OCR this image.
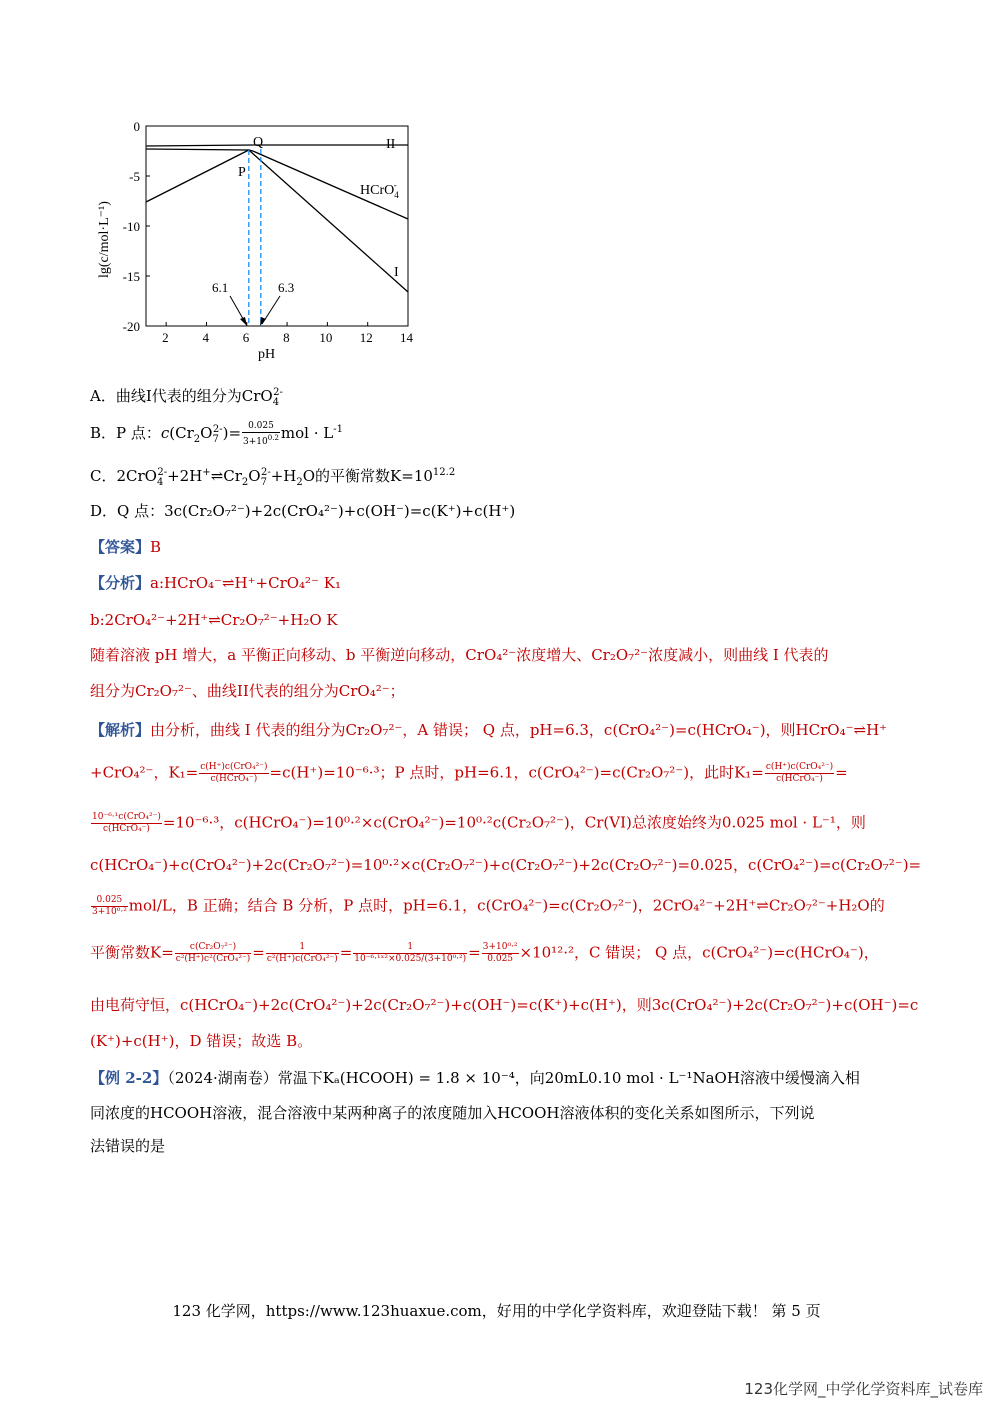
2	4	6	8 10 12 14
0
-5
-10
-15
-20
6.1	6.3
Q
P
II
I
HCrO$_4$-
pH
lg(c/mol·L⁻¹)
A．曲线I代表的组分为CrO$_4^{2-}$
B．P 点：$c(Cr_2O_7^{2-})= \frac{0.025}{3+10^{0.2}}$ mol · $L^{-1}$
C．$2CrO_4^{2-}+2H^+\rightleftharpoons Cr_2O_7^{2-}+H_2O$的平衡常数$K=10^{12.2}$
D．Q 点：3c(Cr₂O₇²⁻)+2c(CrO₄²⁻)+c(OH⁻)=c(K⁺)+c(H⁺)
【答案】B
【分析】a:HCrO₄⁻⇌H⁺+CrO₄²⁻ K₁
b:2CrO₄²⁻+2H⁺⇌Cr₂O₇²⁻+H₂O K
随着溶液 pH 增大，a 平衡正向移动、b 平衡逆向移动，CrO₄²⁻浓度增大、Cr₂O₇²⁻浓度减小，则曲线 I 代表的
组分为Cr₂O₇²⁻、曲线II代表的组分为CrO₄²⁻；
【解析】由分析，曲线 I 代表的组分为Cr₂O₇²⁻，A 错误； Q 点，pH=6.3，c(CrO₄²⁻)=c(HCrO₄⁻)，则HCrO₄⁻⇌H⁺
+CrO₄²⁻，$K_1= \frac{\text{c(H⁺)c(CrO₄²⁻)}}{\text{c(HCrO₄⁻)}} =c(H^+)=10^{-6}\cdot^3$；P 点时，pH=6.1，c(CrO₄²⁻)=c(Cr₂O₇²⁻)，此时$K_1= \frac{\text{c(H⁺)c(CrO₄²⁻)}}{\text{c(HCrO₄⁻)}}$ =
$\frac{\text{10⁻⁶·¹c(CrO₄²⁻)}}{\text{c(HCrO₄⁻)}} =10^{-6}\cdot^3$，c(HCrO₄⁻)=10⁰·²×c(CrO₄²⁻)=10⁰·²c(Cr₂O₇²⁻)，Cr(VI)总浓度始终为0.025 mol · L⁻¹，则
c(HCrO₄⁻)+c(CrO₄²⁻)+2c(Cr₂O₇²⁻)=10⁰·²×c(Cr₂O₇²⁻)+c(Cr₂O₇²⁻)+2c(Cr₂O₇²⁻)=0.025，c(CrO₄²⁻)=c(Cr₂O₇²⁻)=
$\frac{0.025}{\text{3+10⁰·²}} mol/L$，B 正确；结合 B 分析，P 点时，pH=6.1，c(CrO₄²⁻)=c(Cr₂O₇²⁻)，2CrO₄²⁻+2H⁺⇌Cr₂O₇²⁻+H₂O的
平衡常数$K= \frac{\text{c(Cr₂O₇²⁻)}}{\text{c²(H⁺)c²(CrO₄²⁻)}} = \frac{1}{\text{c²(H⁺)c(CrO₄²⁻)}} = \frac{1}{\text{10⁻⁶·¹ˣ²×0.025/(3+10⁰·²)}} = \frac{\text{3+10⁰·²}}{0.025} \times 10^{12}\cdot^2$，C 错误； Q 点，c(CrO₄²⁻)=c(HCrO₄⁻)，
由电荷守恒，c(HCrO₄⁻)+2c(CrO₄²⁻)+2c(Cr₂O₇²⁻)+c(OH⁻)=c(K⁺)+c(H⁺)，则3c(CrO₄²⁻)+2c(Cr₂O₇²⁻)+c(OH⁻)=c
(K⁺)+c(H⁺)，D 错误；故选 B。
【例 2-2】（2024·湖南卷）常温下Kₐ(HCOOH) = 1.8 × 10⁻⁴，向20mL0.10 mol · L⁻¹NaOH溶液中缓慢滴入相
同浓度的HCOOH溶液，混合溶液中某两种离子的浓度随加入HCOOH溶液体积的变化关系如图所示，下列说
法错误的是
123 化学网，https://www.123huaxue.com，好用的中学化学资料库，欢迎登陆下载！ 第 5 页
123化学网_中学化学资料库_试卷库
